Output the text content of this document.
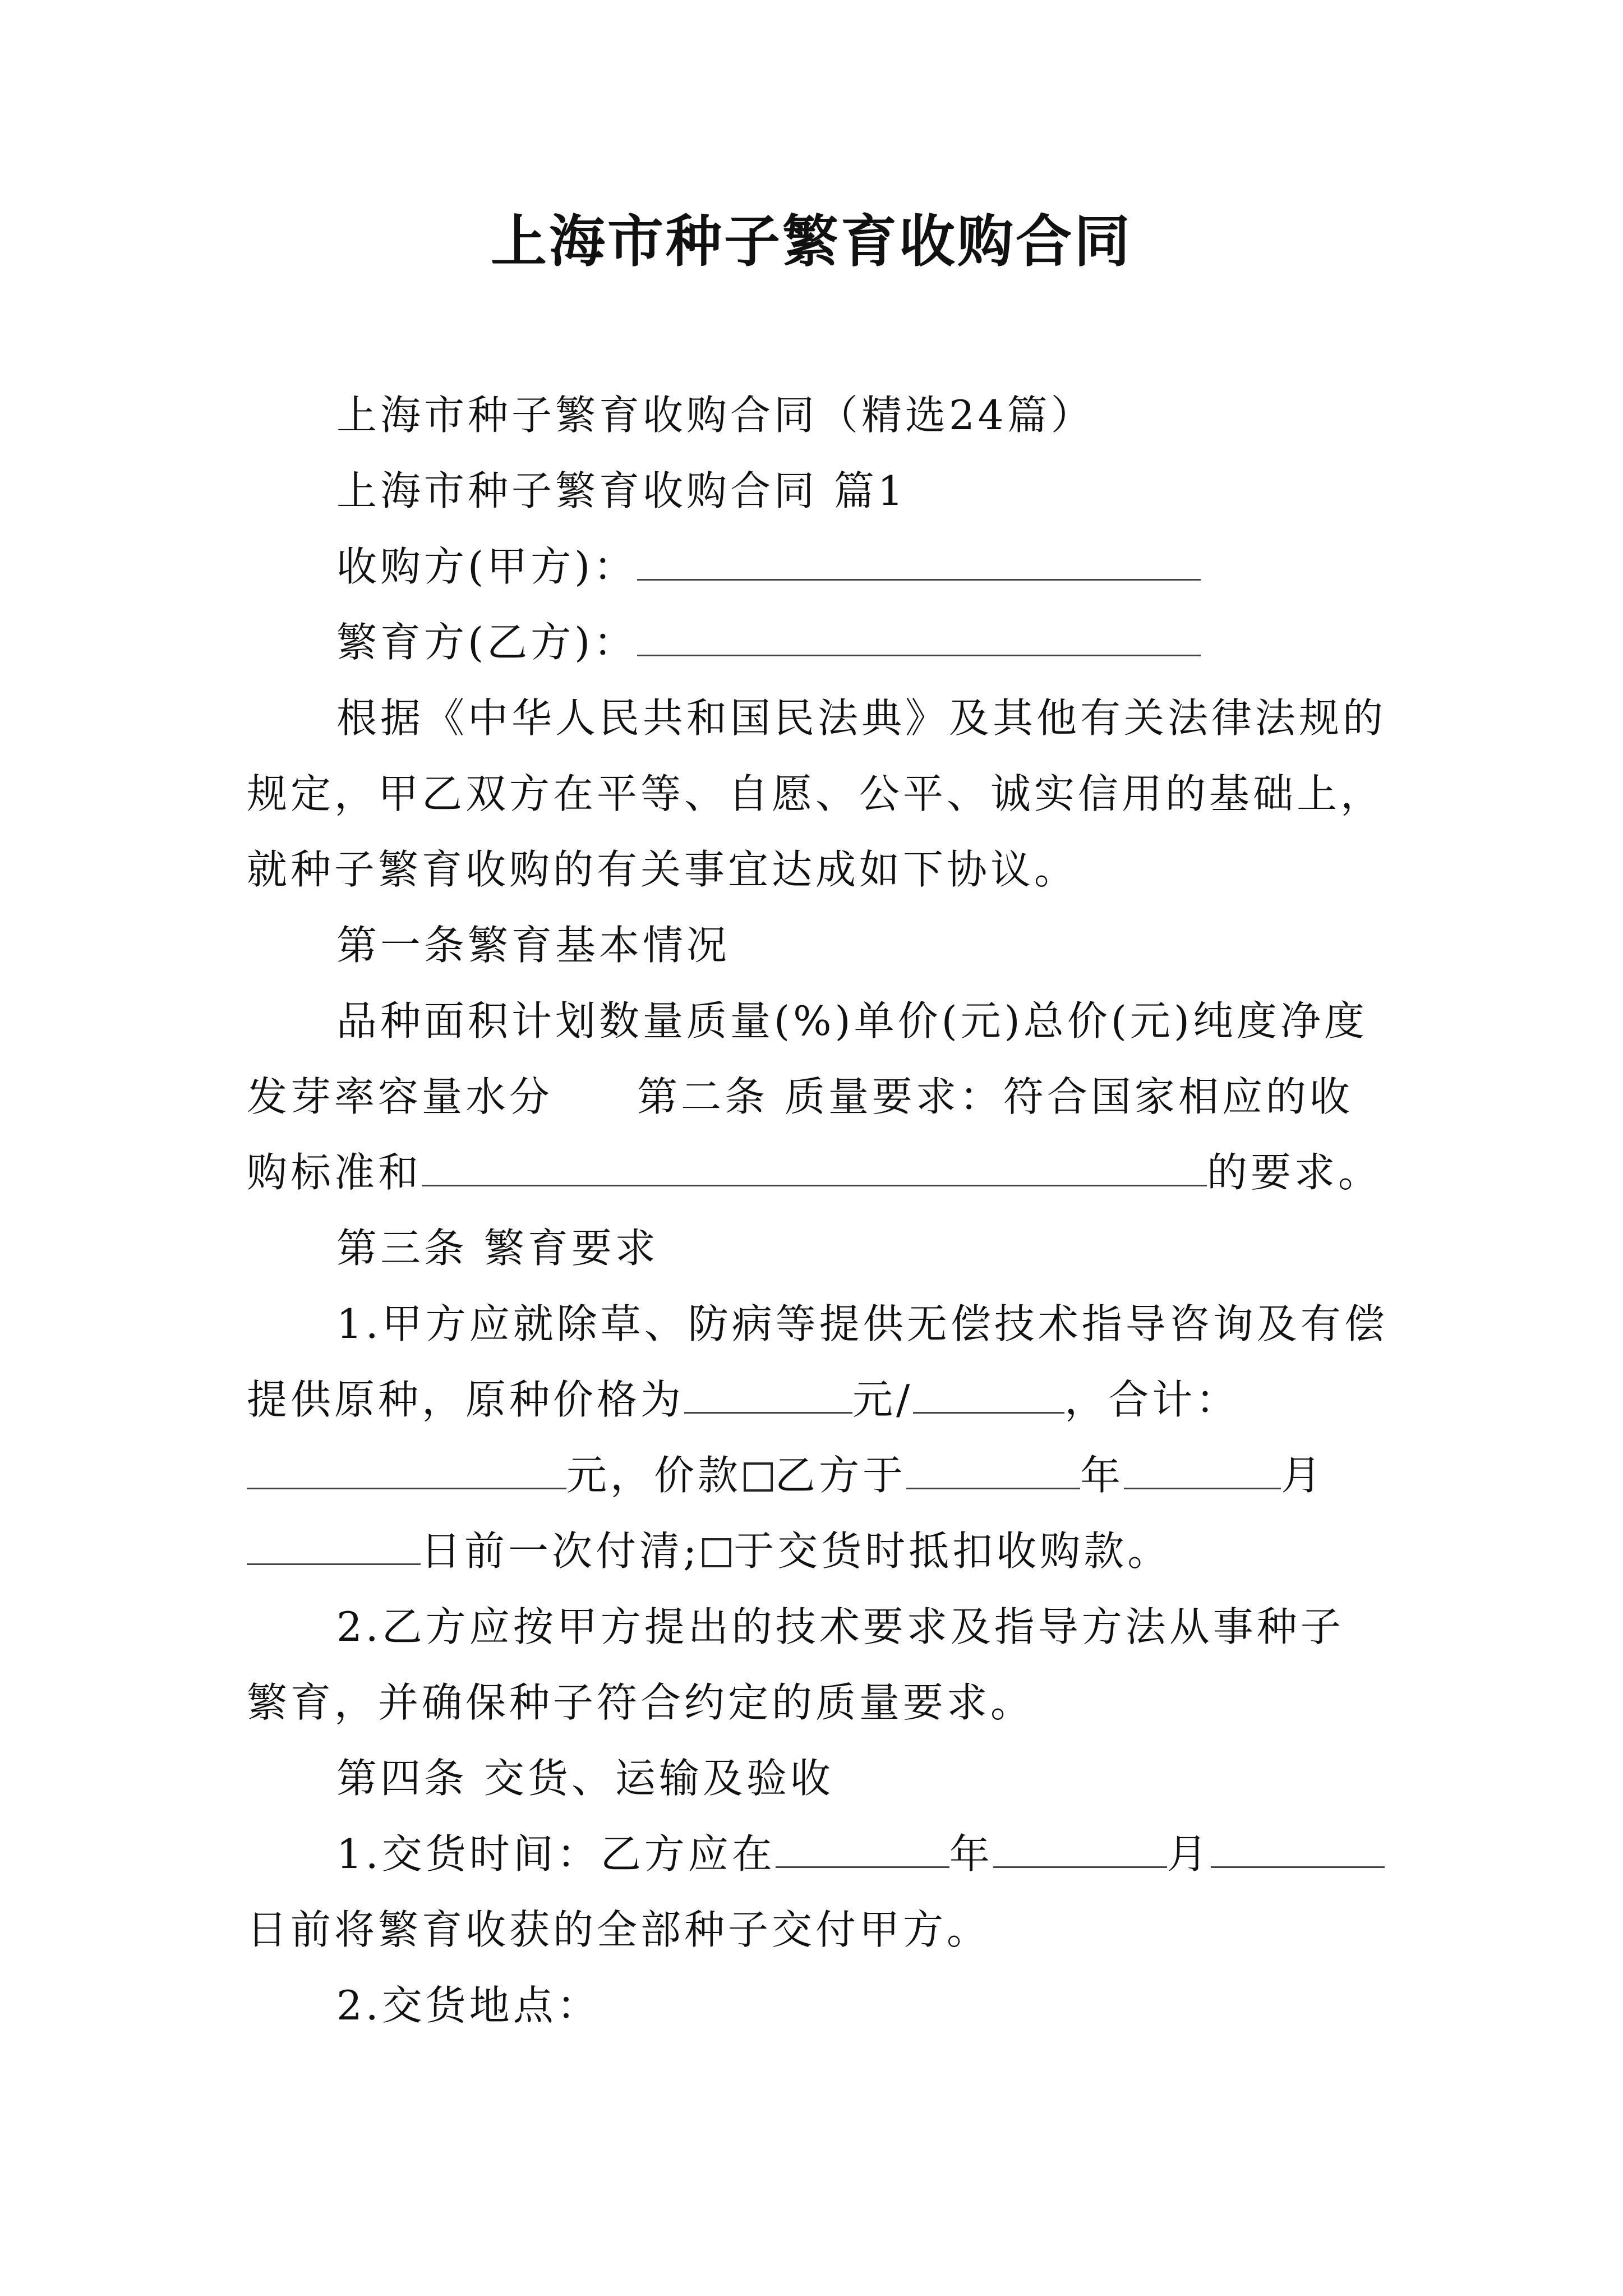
上海市种子繁育收购合同
上海市种子繁育收购合同（精选24篇）
上海市种子繁育收购合同 篇1
收购方(甲方)：
繁育方(乙方)：
根据《中华人民共和国民法典》及其他有关法律法规的
规定，甲乙双方在平等、自愿、公平、诚实信用的基础上，
就种子繁育收购的有关事宜达成如下协议。
第一条繁育基本情况
品种面积计划数量质量(%)单价(元)总价(元)纯度净度
发芽率容量水分 第二条 质量要求：符合国家相应的收
购标准和	的要求。
第三条 繁育要求
1.甲方应就除草、防病等提供无偿技术指导咨询及有偿
提供原种，原种价格为	元/	，合计：
元，价款 乙方于	年	月
日前一次付清; 于交货时抵扣收购款。
2.乙方应按甲方提出的技术要求及指导方法从事种子
繁育，并确保种子符合约定的质量要求。
第四条 交货、运输及验收
1.交货时间：乙方应在	年	月
日前将繁育收获的全部种子交付甲方。
2.交货地点：
